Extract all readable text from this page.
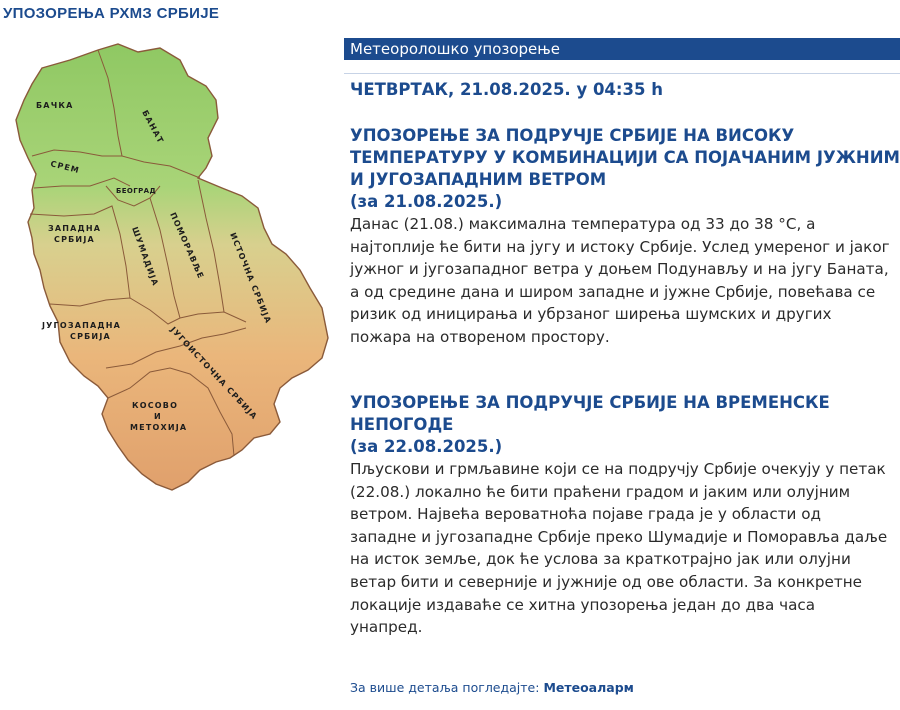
УПОЗОРЕЊА РХМЗ СРБИЈЕ
БАЧКА
БАНАТ
СРЕМ
БЕОГРАД
ЗАПАДНА СРБИЈА	ШУМАДИЈА ПОМОРАВЉЕ	ИСТОЧНА СРБИЈА
ЈУГОЗАПАДНА СРБИЈА	ЈУГОИСТОЧНА СРБИЈА
КОСОВО И МЕТОХИЈА
Метеоролошко упозорење
ЧЕТВРТАК, 21.08.2025. у 04:35 h

УПОЗОРЕЊЕ ЗА ПОДРУЧЈЕ СРБИЈЕ НА ВИСОКУ ТЕМПЕРАТУРУ У КОМБИНАЦИЈИ СА ПОЈАЧАНИМ ЈУЖНИМ И ЈУГОЗАПАДНИМ ВЕТРОМ

(за 21.08.2025.)

Данас (21.08.) максимална температура од 33 до 38 °C, а најтоплије ће бити на југу и истоку Србије. Услед умереног и јаког јужног и југозападног ветра у доњем Подунављу и на југу Баната, а од средине дана и широм западне и јужне Србије, повећава се ризик од иницирања и убрзаног ширења шумских и других пожара на отвореном простору.

УПОЗОРЕЊЕ ЗА ПОДРУЧЈЕ СРБИЈЕ НА ВРЕМЕНСКЕ НЕПОГОДЕ

(за 22.08.2025.)

Пљускови и грмљавине који се на подручју Србије очекују у петак (22.08.) локално ће бити праћени градом и јаким или олујним ветром. Највећа вероватноћа појаве града је у области од западне и југозападне Србије преко Шумадије и Поморавља даље на исток земље, док ће услова за краткотрајно јак или олујни ветар бити и северније и јужније од ове области. За конкретне локације издаваће се хитна упозорења један до два часа унапред.

За више детаља погледајте: Метеоаларм
